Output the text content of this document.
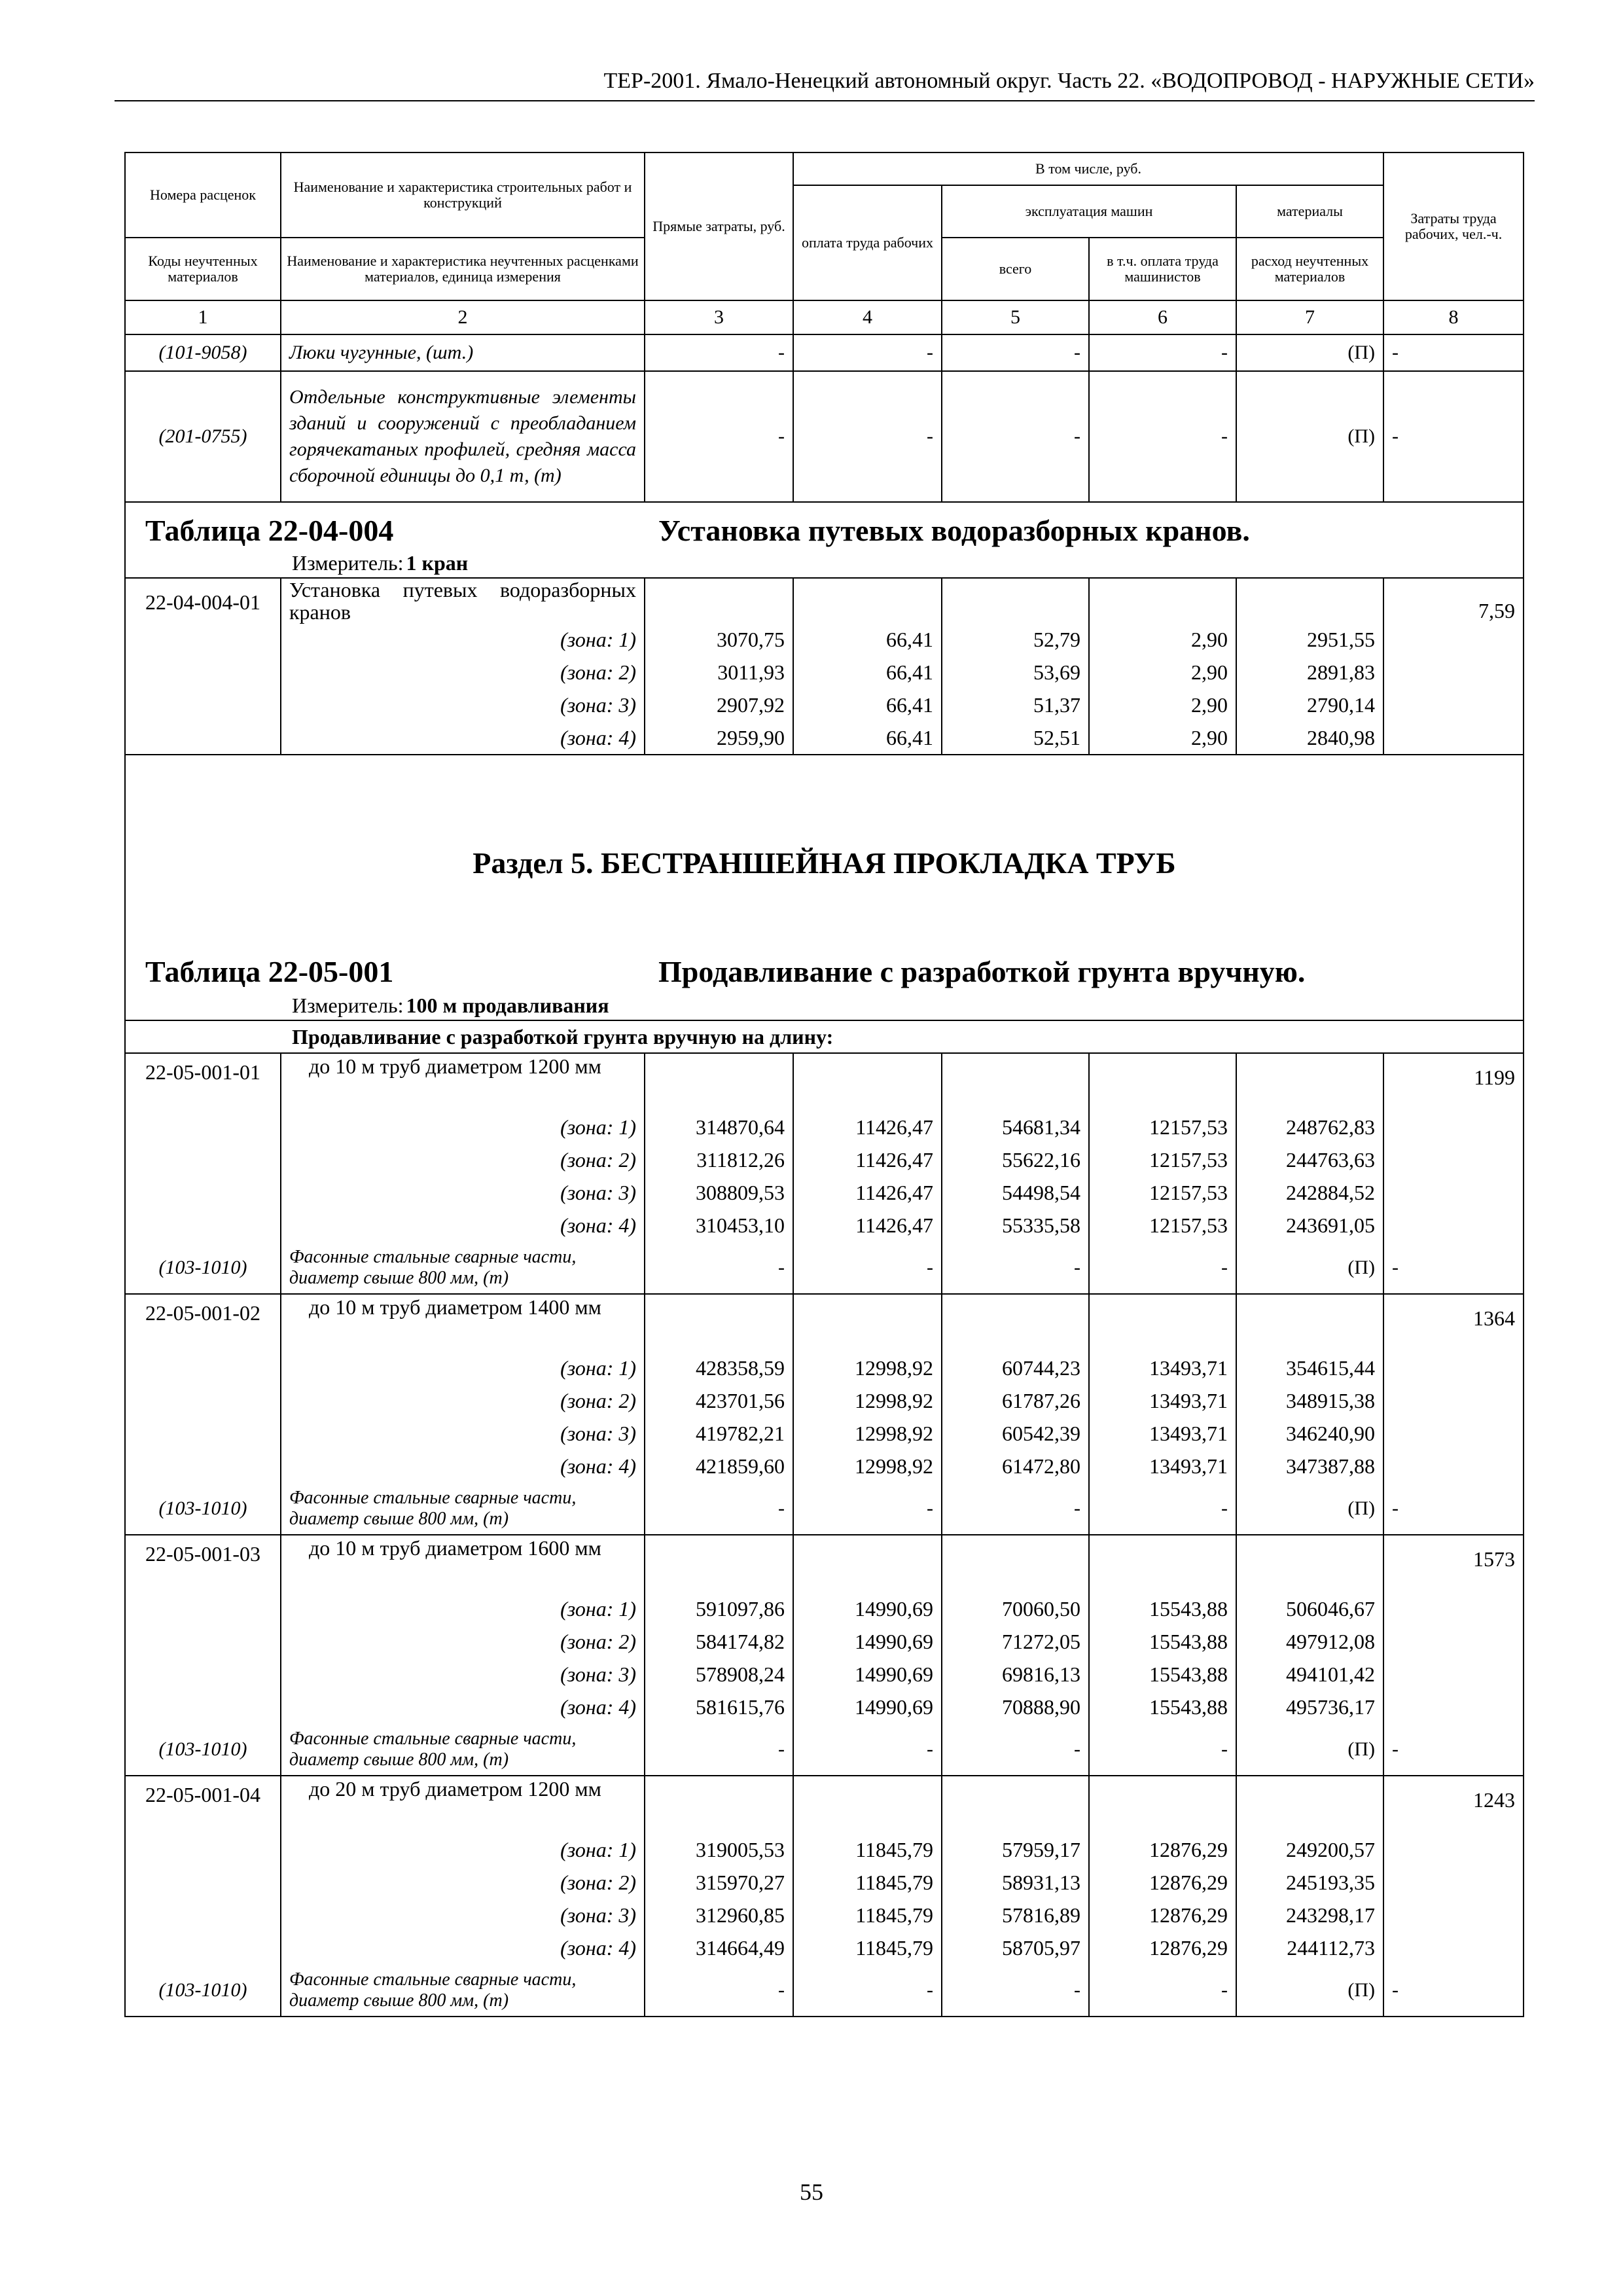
ТЕР-2001. Ямало-Ненецкий автономный округ. Часть 22. «ВОДОПРОВОД - НАРУЖНЫЕ СЕТИ»
Номера расценок	Наименование и характеристика строительных работ и конструкций	Прямые затраты, руб.	В том числе, руб.				Затраты труда рабочих, чел.-ч.
			оплата труда рабочих	эксплуатация машин		материалы	
Коды неучтенных материалов	Наименование и характеристика неучтенных расценками материалов, единица измерения			всего	в т.ч. оплата труда машинистов	расход неучтенных материалов	
1	2	3	4	5	6	7	8
(101-9058)	Люки чугунные, (шт.)	-	-	-	-	(П)	-
(201-0755)	Отдельные конструктивные элементы зданий и сооружений с преобладанием горячекатаных профилей, средняя масса сборочной единицы до 0,1 т, (т)	-	-	-	-	(П)	-
Таблица 22-04-004 Установка путевых водоразборных кранов.							
Измеритель: 1 кран							
22-04-004-01	Установка путевых водоразборных кранов						7,59
	(зона: 1)	3070,75	66,41	52,79	2,90	2951,55	
	(зона: 2)	3011,93	66,41	53,69	2,90	2891,83	
	(зона: 3)	2907,92	66,41	51,37	2,90	2790,14	
	(зона: 4)	2959,90	66,41	52,51	2,90	2840,98	
Раздел 5. БЕСТРАНШЕЙНАЯ ПРОКЛАДКА ТРУБ							
Таблица 22-05-001 Продавливание с разработкой грунта вручную.							
Измеритель: 100 м продавливания							
Продавливание с разработкой грунта вручную на длину:							
22-05-001-01	до 10 м труб диаметром 1200 мм						1199
	(зона: 1)	314870,64	11426,47	54681,34	12157,53	248762,83	
	(зона: 2)	311812,26	11426,47	55622,16	12157,53	244763,63	
	(зона: 3)	308809,53	11426,47	54498,54	12157,53	242884,52	
	(зона: 4)	310453,10	11426,47	55335,58	12157,53	243691,05	
(103-1010)	Фасонные стальные сварные части, диаметр свыше 800 мм, (т)	-	-	-	-	(П)	-
22-05-001-02	до 10 м труб диаметром 1400 мм						1364
	(зона: 1)	428358,59	12998,92	60744,23	13493,71	354615,44	
	(зона: 2)	423701,56	12998,92	61787,26	13493,71	348915,38	
	(зона: 3)	419782,21	12998,92	60542,39	13493,71	346240,90	
	(зона: 4)	421859,60	12998,92	61472,80	13493,71	347387,88	
(103-1010)	Фасонные стальные сварные части, диаметр свыше 800 мм, (т)	-	-	-	-	(П)	-
22-05-001-03	до 10 м труб диаметром 1600 мм						1573
	(зона: 1)	591097,86	14990,69	70060,50	15543,88	506046,67	
	(зона: 2)	584174,82	14990,69	71272,05	15543,88	497912,08	
	(зона: 3)	578908,24	14990,69	69816,13	15543,88	494101,42	
	(зона: 4)	581615,76	14990,69	70888,90	15543,88	495736,17	
(103-1010)	Фасонные стальные сварные части, диаметр свыше 800 мм, (т)	-	-	-	-	(П)	-
22-05-001-04	до 20 м труб диаметром 1200 мм						1243
	(зона: 1)	319005,53	11845,79	57959,17	12876,29	249200,57	
	(зона: 2)	315970,27	11845,79	58931,13	12876,29	245193,35	
	(зона: 3)	312960,85	11845,79	57816,89	12876,29	243298,17	
	(зона: 4)	314664,49	11845,79	58705,97	12876,29	244112,73	
(103-1010)	Фасонные стальные сварные части, диаметр свыше 800 мм, (т)	-	-	-	-	(П)	-
55
